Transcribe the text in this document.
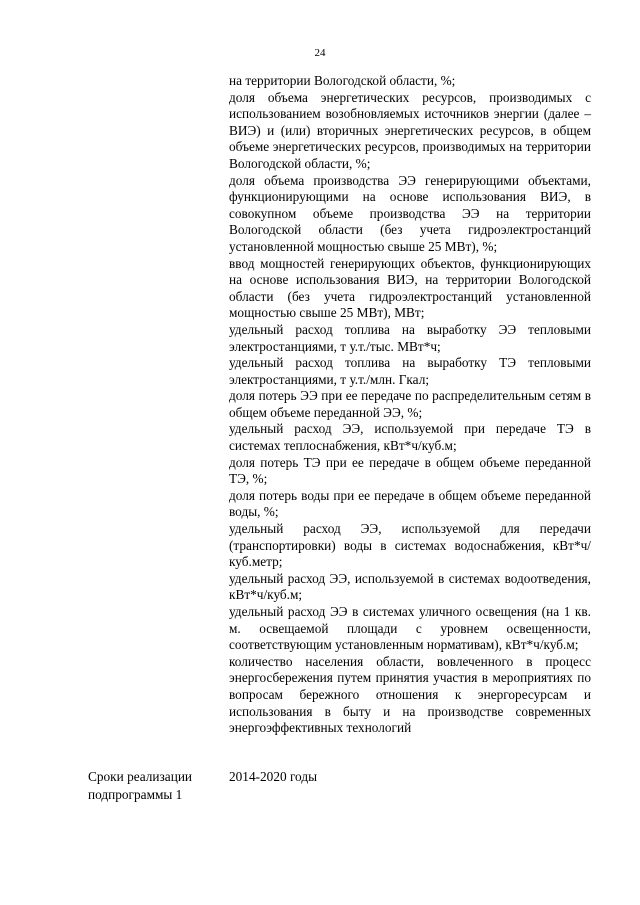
24

на территории Вологодской области, %;

доля объема энергетических ресурсов, производимых с использованием возобновляемых источников энергии (далее – ВИЭ) и (или) вторичных энергетических ресурсов, в общем объеме энергетических ресурсов, производимых на территории Вологодской области, %;

доля объема производства ЭЭ генерирующими объектами, функционирующими на основе использования ВИЭ, в совокупном объеме производства ЭЭ на территории Вологодской области (без учета гидроэлектростанций установленной мощностью свыше 25 МВт), %;

ввод мощностей генерирующих объектов, функционирующих на основе использования ВИЭ, на территории Вологодской области (без учета гидроэлектростанций установленной мощностью свыше 25 МВт), МВт;

удельный расход топлива на выработку ЭЭ тепловыми электростанциями, т у.т./тыс. МВт*ч;

удельный расход топлива на выработку ТЭ тепловыми электростанциями, т у.т./млн. Гкал;

доля потерь ЭЭ при ее передаче по распределительным сетям в общем объеме переданной ЭЭ, %;

удельный расход ЭЭ, используемой при передаче ТЭ в системах теплоснабжения, кВт*ч/куб.м;

доля потерь ТЭ при ее передаче в общем объеме переданной ТЭ, %;

доля потерь воды при ее передаче в общем объеме переданной воды, %;

удельный расход ЭЭ, используемой для передачи (транспортировки) воды в системах водоснабжения, кВт*ч/куб.метр;

удельный расход ЭЭ, используемой в системах водоотведения, кВт*ч/куб.м;

удельный расход ЭЭ в системах уличного освещения (на 1 кв. м. освещаемой площади с уровнем освещенности, соответствующим установленным нормативам), кВт*ч/куб.м;

количество населения области, вовлеченного в процесс энергосбережения путем принятия участия в мероприятиях по вопросам бережного отношения к энергоресурсам и использования в быту и на производстве современных энергоэффективных технологий

Сроки реализации подпрограммы 1
2014-2020 годы
